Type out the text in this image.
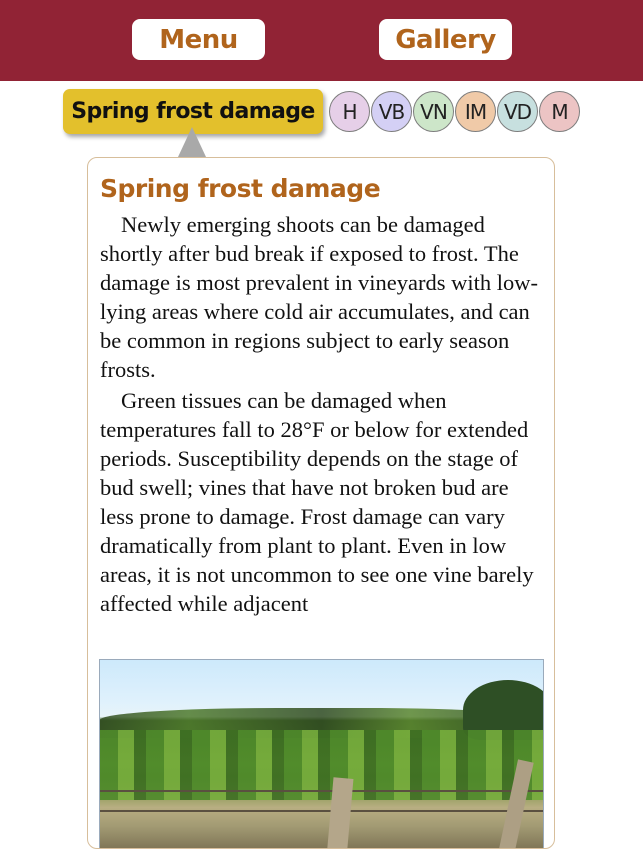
Menu	Gallery
Spring frost damage	H	VB VN IM VD	M
Spring frost damage

Newly emerging shoots can be damaged shortly after bud break if exposed to frost. The damage is most prevalent in vineyards with low-lying areas where cold air accumulates, and can be common in regions subject to early season frosts.

Green tissues can be damaged when temperatures fall to 28°F or below for extended periods. Susceptibility depends on the stage of bud swell; vines that have not broken bud are less prone to damage. Frost damage can vary dramatically from plant to plant. Even in low areas, it is not uncommon to see one vine barely affected while adjacent
